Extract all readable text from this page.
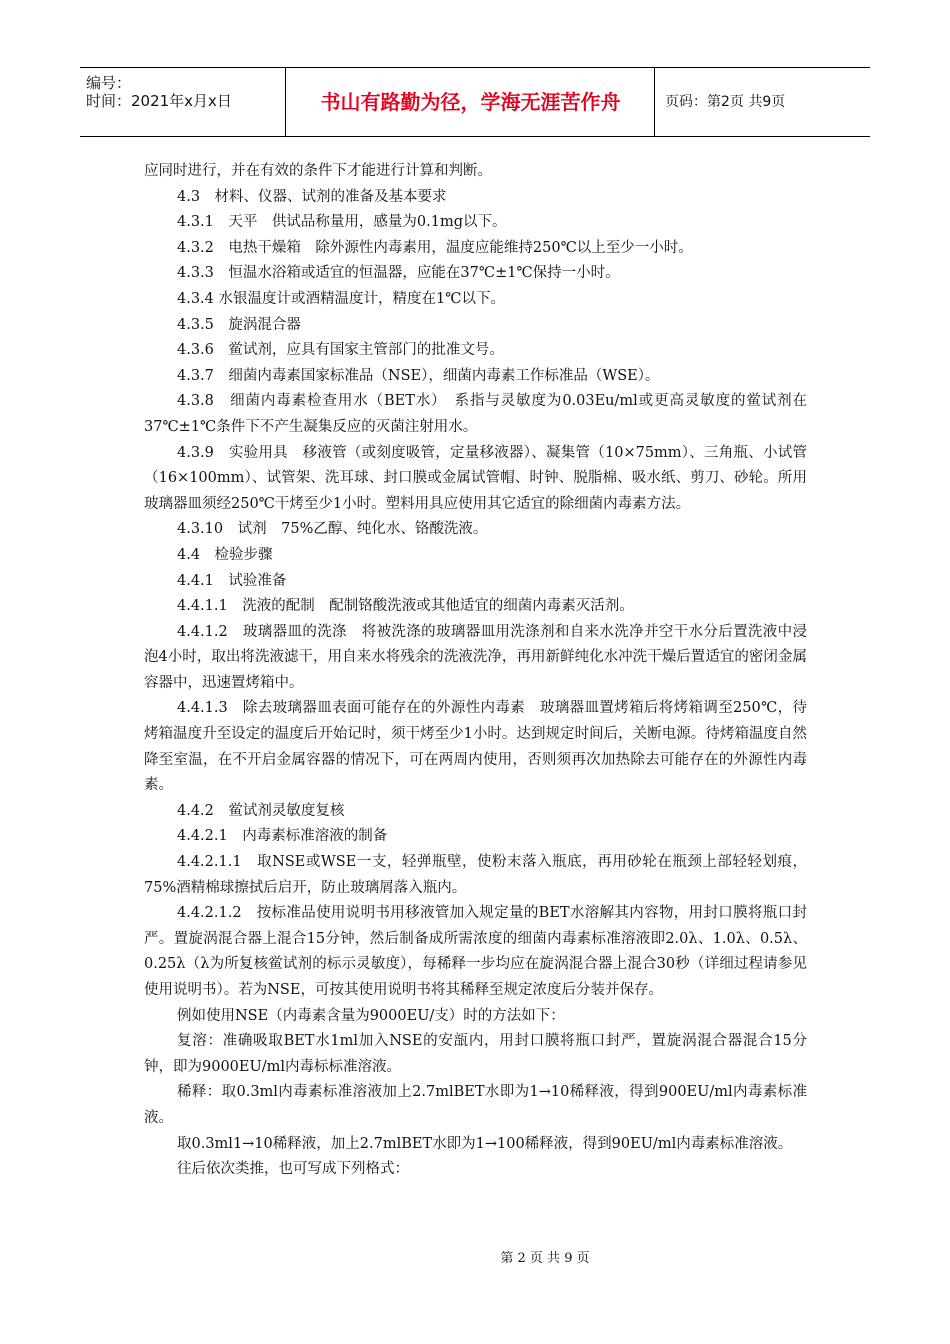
编号：
时间：2021年x月x日	书山有路勤为径，学海无涯苦作舟	页码：第2页 共9页

应同时进行，并在有效的条件下才能进行计算和判断。

4.3　材料、仪器、试剂的准备及基本要求

4.3.1　天平　供试品称量用，感量为0.1mg以下。

4.3.2　电热干燥箱　除外源性内毒素用，温度应能维持250℃以上至少一小时。

4.3.3　恒温水浴箱或适宜的恒温器，应能在37℃±1℃保持一小时。

4.3.4 水银温度计或酒精温度计，精度在1℃以下。

4.3.5　旋涡混合器

4.3.6　鲎试剂，应具有国家主管部门的批准文号。

4.3.7　细菌内毒素国家标准品（NSE），细菌内毒素工作标准品（WSE）。

4.3.8　细菌内毒素检查用水（BET水）　系指与灵敏度为0.03Eu/ml或更高灵敏度的鲎试剂在37℃±1℃条件下不产生凝集反应的灭菌注射用水。

4.3.9　实验用具　移液管（或刻度吸管，定量移液器）、凝集管（10×75mm）、三角瓶、小试管（16×100mm）、试管架、洗耳球、封口膜或金属试管帽、时钟、脱脂棉、吸水纸、剪刀、砂轮。所用玻璃器皿须经250℃干烤至少1小时。塑料用具应使用其它适宜的除细菌内毒素方法。

4.3.10　试剂　75%乙醇、纯化水、铬酸洗液。

4.4　检验步骤

4.4.1　试验准备

4.4.1.1　洗液的配制　配制铬酸洗液或其他适宜的细菌内毒素灭活剂。

4.4.1.2　玻璃器皿的洗涤　将被洗涤的玻璃器皿用洗涤剂和自来水洗净并空干水分后置洗液中浸泡4小时，取出将洗液滤干，用自来水将残余的洗液洗净，再用新鲜纯化水冲洗干燥后置适宜的密闭金属容器中，迅速置烤箱中。

4.4.1.3　除去玻璃器皿表面可能存在的外源性内毒素　玻璃器皿置烤箱后将烤箱调至250℃，待烤箱温度升至设定的温度后开始记时，须干烤至少1小时。达到规定时间后，关断电源。待烤箱温度自然降至室温，在不开启金属容器的情况下，可在两周内使用，否则须再次加热除去可能存在的外源性内毒素。

4.4.2　鲎试剂灵敏度复核

4.4.2.1　内毒素标准溶液的制备

4.4.2.1.1　取NSE或WSE一支，轻弹瓶壁，使粉末落入瓶底，再用砂轮在瓶颈上部轻轻划痕，75%酒精棉球擦拭后启开，防止玻璃屑落入瓶内。

4.4.2.1.2　按标准品使用说明书用移液管加入规定量的BET水溶解其内容物，用封口膜将瓶口封严。置旋涡混合器上混合15分钟，然后制备成所需浓度的细菌内毒素标准溶液即2.0λ、1.0λ、0.5λ、0.25λ（λ为所复核鲎试剂的标示灵敏度），每稀释一步均应在旋涡混合器上混合30秒（详细过程请参见使用说明书）。若为NSE，可按其使用说明书将其稀释至规定浓度后分装并保存。

例如使用NSE（内毒素含量为9000EU/支）时的方法如下：

复溶：准确吸取BET水1ml加入NSE的安瓿内，用封口膜将瓶口封严，置旋涡混合器混合15分钟，即为9000EU/ml内毒标标准溶液。

稀释：取0.3ml内毒素标准溶液加上2.7mlBET水即为1→10稀释液，得到900EU/ml内毒素标准液。

取0.3ml1→10稀释液，加上2.7mlBET水即为1→100稀释液，得到90EU/ml内毒素标准溶液。

往后依次类推，也可写成下列格式：

第 2 页 共 9 页
